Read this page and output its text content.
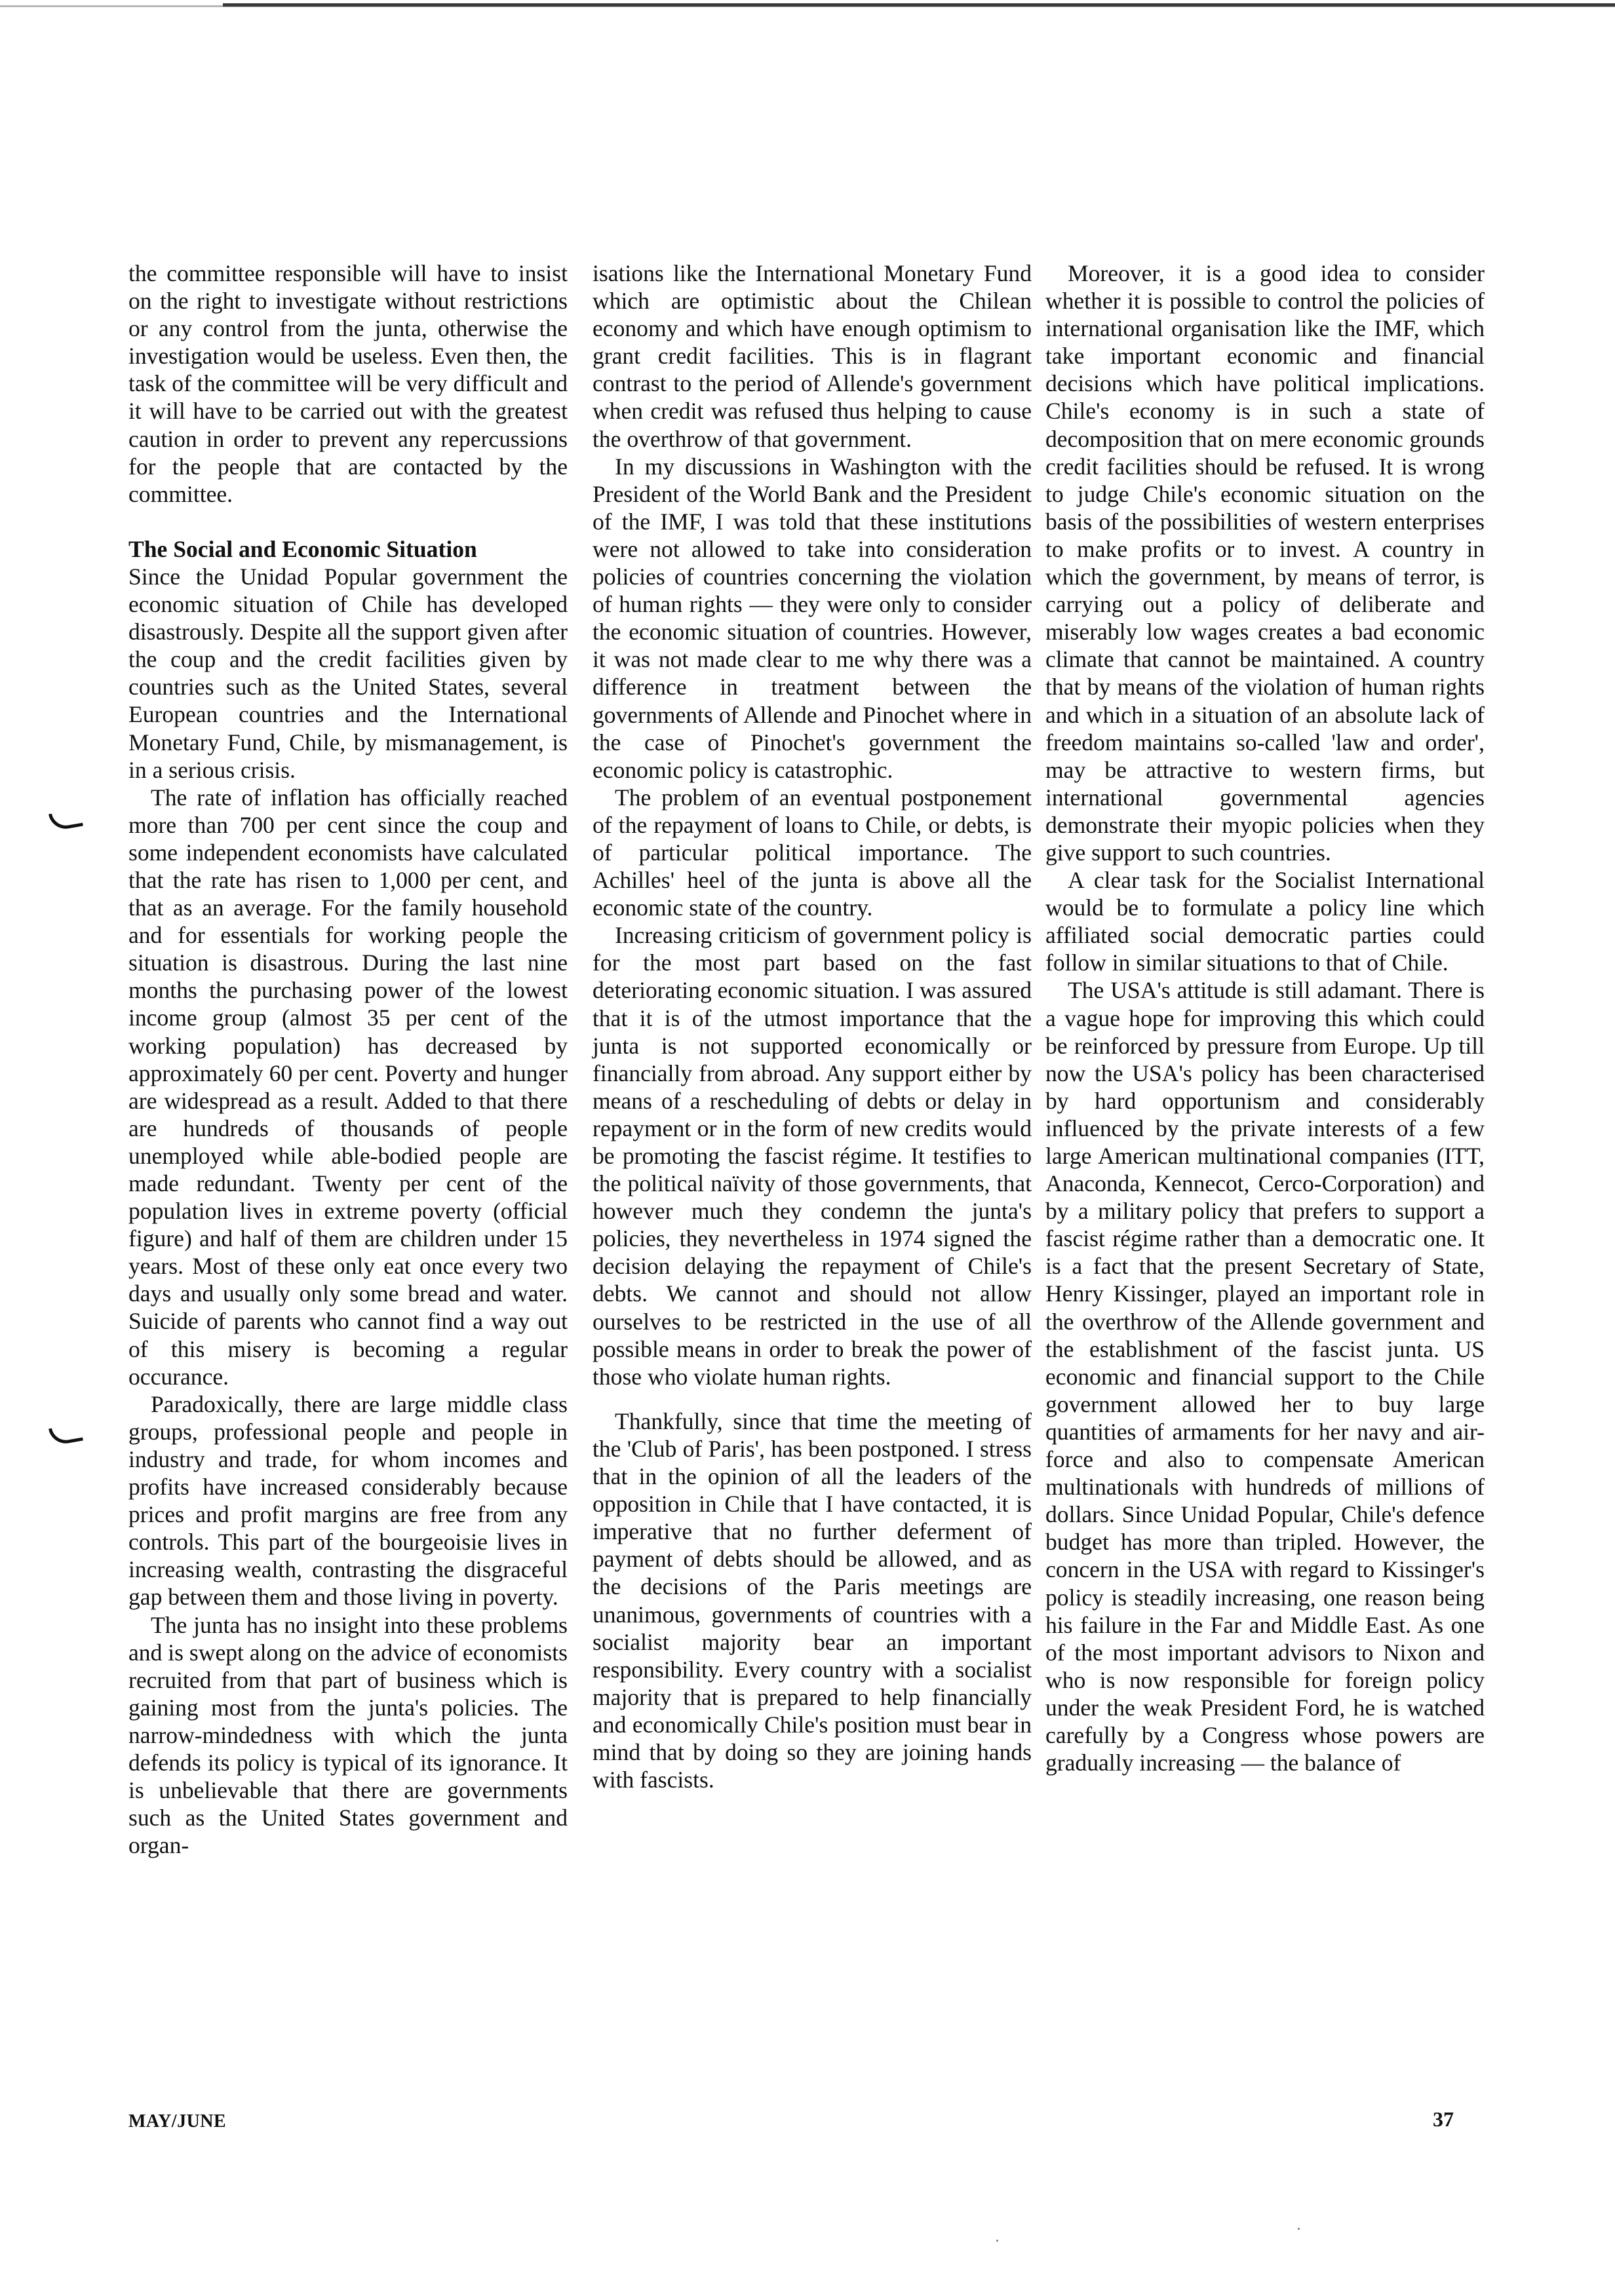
the committee responsible will have to insist on the right to investigate without restrictions or any control from the junta, otherwise the investigation would be useless. Even then, the task of the committee will be very difficult and it will have to be carried out with the greatest caution in order to prevent any repercussions for the people that are contacted by the committee.

The Social and Economic Situation

Since the Unidad Popular government the economic situation of Chile has developed disastrously. Despite all the support given after the coup and the credit facilities given by countries such as the United States, several European countries and the International Monetary Fund, Chile, by mismanagement, is in a serious crisis.

The rate of inflation has officially reached more than 700 per cent since the coup and some independent economists have calculated that the rate has risen to 1,000 per cent, and that as an average. For the family household and for essentials for working people the situation is disastrous. During the last nine months the purchasing power of the lowest income group (almost 35 per cent of the working population) has decreased by approximately 60 per cent. Poverty and hunger are widespread as a result. Added to that there are hundreds of thousands of people unemployed while able-bodied people are made redundant. Twenty per cent of the population lives in extreme poverty (official figure) and half of them are children under 15 years. Most of these only eat once every two days and usually only some bread and water. Suicide of parents who cannot find a way out of this misery is becoming a regular occurance.

Paradoxically, there are large middle class groups, professional people and people in industry and trade, for whom incomes and profits have increased considerably because prices and profit margins are free from any controls. This part of the bourgeoisie lives in increasing wealth, contrasting the disgraceful gap between them and those living in poverty.

The junta has no insight into these problems and is swept along on the advice of economists recruited from that part of business which is gaining most from the junta's policies. The narrow-mindedness with which the junta defends its policy is typical of its ignorance. It is unbelievable that there are governments such as the United States government and organ-

isations like the International Monetary Fund which are optimistic about the Chilean economy and which have enough optimism to grant credit facilities. This is in flagrant contrast to the period of Allende's government when credit was refused thus helping to cause the overthrow of that government.

In my discussions in Washington with the President of the World Bank and the President of the IMF, I was told that these institutions were not allowed to take into consideration policies of countries concerning the violation of human rights — they were only to consider the economic situation of countries. However, it was not made clear to me why there was a difference in treatment between the governments of Allende and Pinochet where in the case of Pinochet's government the economic policy is catastrophic.

The problem of an eventual postponement of the repayment of loans to Chile, or debts, is of particular political importance. The Achilles' heel of the junta is above all the economic state of the country.

Increasing criticism of government policy is for the most part based on the fast deteriorating economic situation. I was assured that it is of the utmost importance that the junta is not supported economically or financially from abroad. Any support either by means of a rescheduling of debts or delay in repayment or in the form of new credits would be promoting the fascist régime. It testifies to the political naïvity of those governments, that however much they condemn the junta's policies, they nevertheless in 1974 signed the decision delaying the repayment of Chile's debts. We cannot and should not allow ourselves to be restricted in the use of all possible means in order to break the power of those who violate human rights.

Thankfully, since that time the meeting of the 'Club of Paris', has been postponed. I stress that in the opinion of all the leaders of the opposition in Chile that I have contacted, it is imperative that no further deferment of payment of debts should be allowed, and as the decisions of the Paris meetings are unanimous, governments of countries with a socialist majority bear an important responsibility. Every country with a socialist majority that is prepared to help financially and economically Chile's position must bear in mind that by doing so they are joining hands with fascists.

Moreover, it is a good idea to consider whether it is possible to control the policies of international organisation like the IMF, which take important economic and financial decisions which have political implications. Chile's economy is in such a state of decomposition that on mere economic grounds credit facilities should be refused. It is wrong to judge Chile's economic situation on the basis of the possibilities of western enterprises to make profits or to invest. A country in which the government, by means of terror, is carrying out a policy of deliberate and miserably low wages creates a bad economic climate that cannot be maintained. A country that by means of the violation of human rights and which in a situation of an absolute lack of freedom maintains so-called 'law and order', may be attractive to western firms, but international governmental agencies demonstrate their myopic policies when they give support to such countries.

A clear task for the Socialist International would be to formulate a policy line which affiliated social democratic parties could follow in similar situations to that of Chile.

The USA's attitude is still adamant. There is a vague hope for improving this which could be reinforced by pressure from Europe. Up till now the USA's policy has been characterised by hard opportunism and considerably influenced by the private interests of a few large American multinational companies (ITT, Anaconda, Kennecot, Cerco-Corporation) and by a military policy that prefers to support a fascist régime rather than a democratic one. It is a fact that the present Secretary of State, Henry Kissinger, played an important role in the overthrow of the Allende government and the establishment of the fascist junta. US economic and financial support to the Chile government allowed her to buy large quantities of armaments for her navy and air-force and also to compensate American multinationals with hundreds of millions of dollars. Since Unidad Popular, Chile's defence budget has more than tripled. However, the concern in the USA with regard to Kissinger's policy is steadily increasing, one reason being his failure in the Far and Middle East. As one of the most important advisors to Nixon and who is now responsible for foreign policy under the weak President Ford, he is watched carefully by a Congress whose powers are gradually increasing — the balance of

MAY/JUNE	37
